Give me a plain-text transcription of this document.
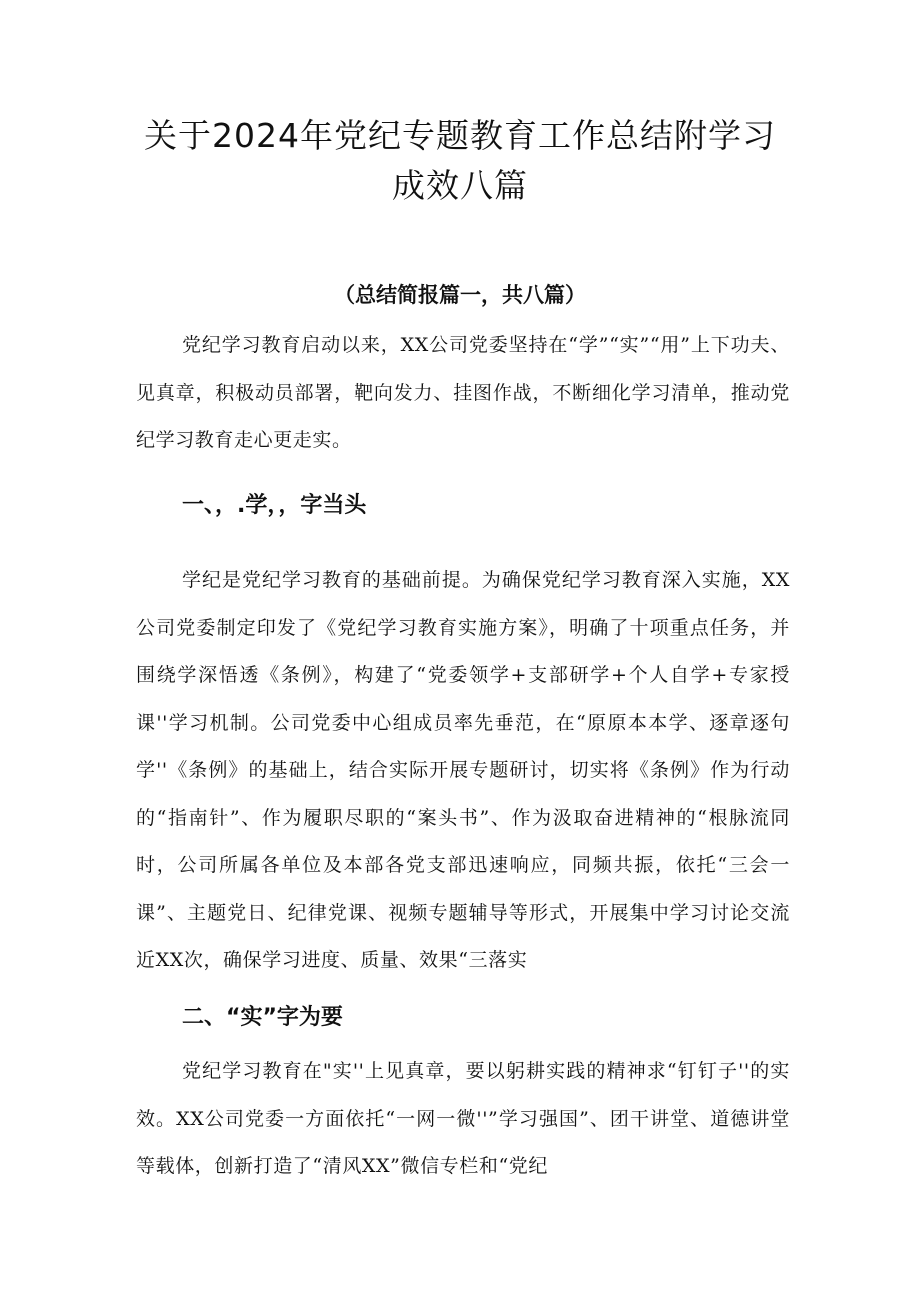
关于2024年党纪专题教育工作总结附学习
成效八篇
（总结简报篇一，共八篇）

党纪学习教育启动以来，XX公司党委坚持在“学”“实”“用”上下功夫、见真章，积极动员部署，靶向发力、挂图作战，不断细化学习清单，推动党纪学习教育走心更走实。

一、，.学，，字当头

学纪是党纪学习教育的基础前提。为确保党纪学习教育深入实施，XX公司党委制定印发了《党纪学习教育实施方案》，明确了十项重点任务，并围绕学深悟透《条例》，构建了“党委领学+支部研学+个人自学+专家授课''学习机制。公司党委中心组成员率先垂范，在“原原本本学、逐章逐句学''《条例》的基础上，结合实际开展专题研讨，切实将《条例》作为行动的“指南针”、作为履职尽职的“案头书”、作为汲取奋进精神的“根脉流同时，公司所属各单位及本部各党支部迅速响应，同频共振，依托“三会一课”、主题党日、纪律党课、视频专题辅导等形式，开展集中学习讨论交流近XX次，确保学习进度、质量、效果“三落实

二、“实”字为要

党纪学习教育在"实''上见真章，要以躬耕实践的精神求“钉钉子''的实效。XX公司党委一方面依托“一网一微''”学习强国”、团干讲堂、道德讲堂等载体，创新打造了“清风XX”微信专栏和“党纪
